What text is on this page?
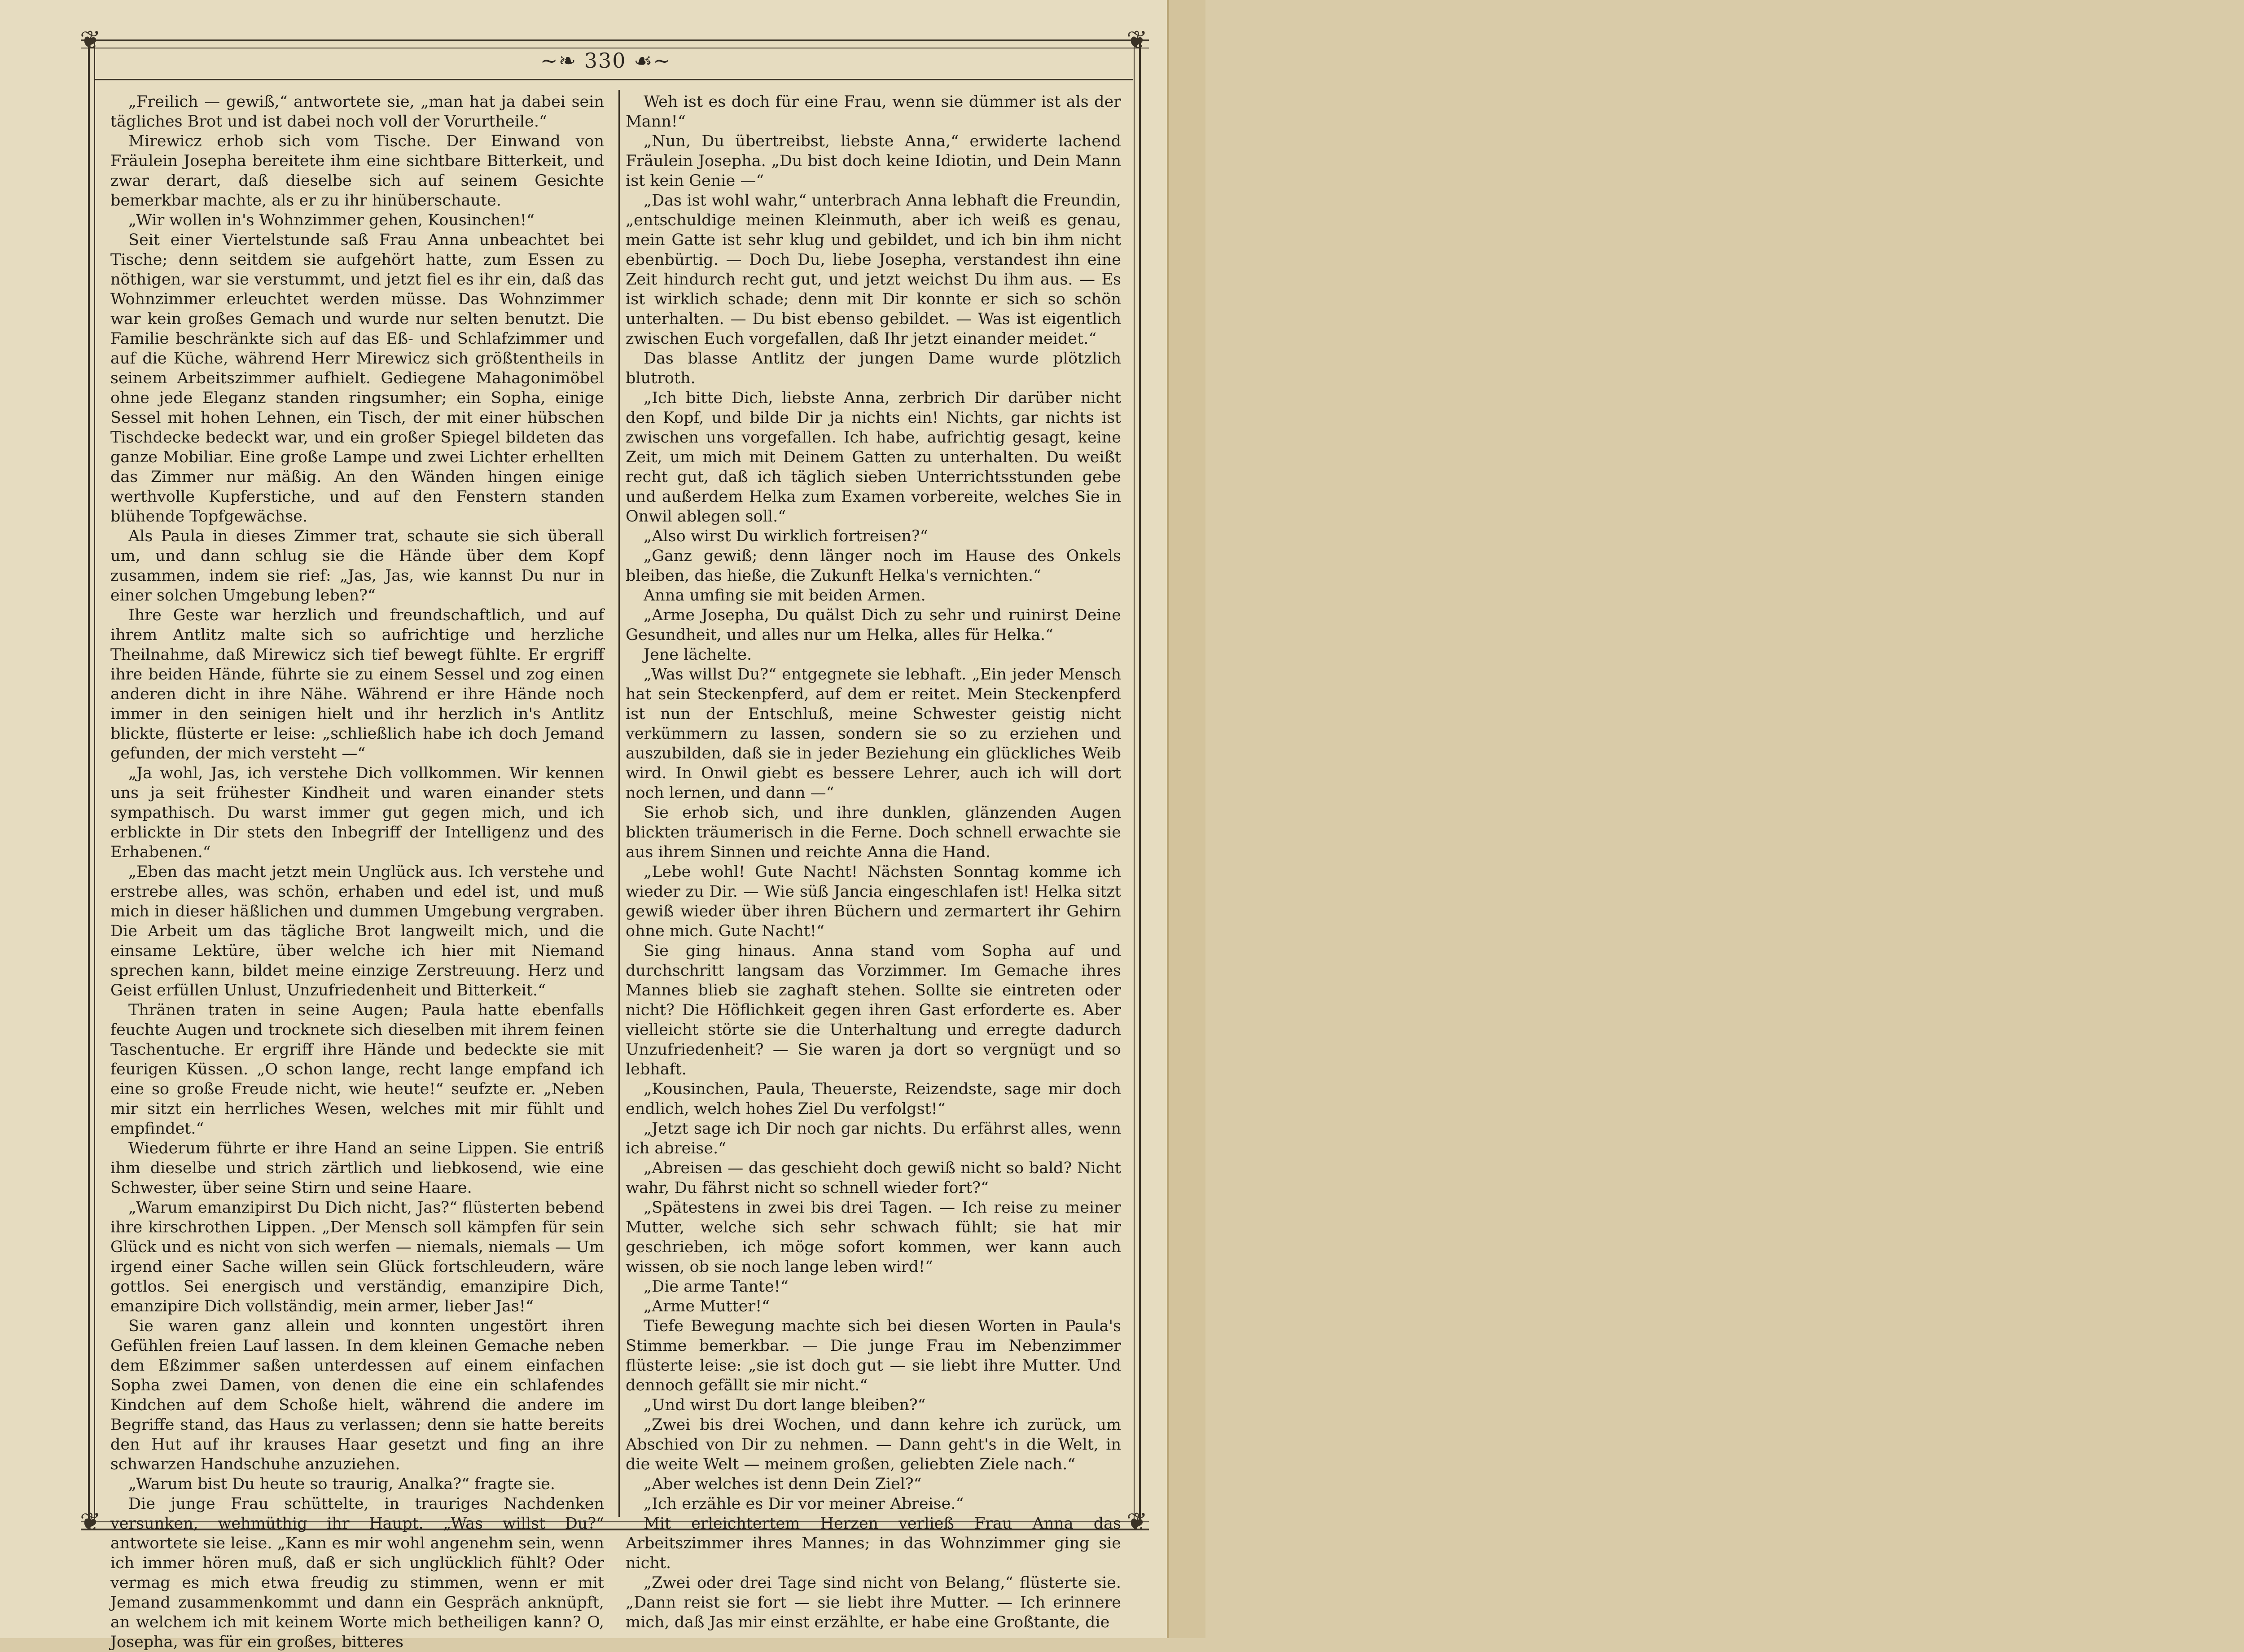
❦	❦
❦	❦
~❧ 330 ☙~

„Freilich — gewiß,“ antwortete sie, „man hat ja dabei sein tägliches Brot und ist dabei noch voll der Vorurtheile.“

Mirewicz erhob sich vom Tische. Der Einwand von Fräulein Josepha bereitete ihm eine sichtbare Bitterkeit, und zwar derart, daß dieselbe sich auf seinem Gesichte bemerkbar machte, als er zu ihr hinüberschaute.

„Wir wollen in's Wohnzimmer gehen, Kousinchen!“

Seit einer Viertelstunde saß Frau Anna unbeachtet bei Tische; denn seitdem sie aufgehört hatte, zum Essen zu nöthigen, war sie verstummt, und jetzt fiel es ihr ein, daß das Wohnzimmer erleuchtet werden müsse. Das Wohnzimmer war kein großes Gemach und wurde nur selten benutzt. Die Familie beschränkte sich auf das Eß- und Schlafzimmer und auf die Küche, während Herr Mirewicz sich größtentheils in seinem Arbeitszimmer aufhielt. Gediegene Mahagonimöbel ohne jede Eleganz standen ringsumher; ein Sopha, einige Sessel mit hohen Lehnen, ein Tisch, der mit einer hübschen Tischdecke bedeckt war, und ein großer Spiegel bildeten das ganze Mobiliar. Eine große Lampe und zwei Lichter erhellten das Zimmer nur mäßig. An den Wänden hingen einige werthvolle Kupferstiche, und auf den Fenstern standen blühende Topfgewächse.

Als Paula in dieses Zimmer trat, schaute sie sich überall um, und dann schlug sie die Hände über dem Kopf zusammen, indem sie rief: „Jas, Jas, wie kannst Du nur in einer solchen Umgebung leben?“

Ihre Geste war herzlich und freundschaftlich, und auf ihrem Antlitz malte sich so aufrichtige und herzliche Theilnahme, daß Mirewicz sich tief bewegt fühlte. Er ergriff ihre beiden Hände, führte sie zu einem Sessel und zog einen anderen dicht in ihre Nähe. Während er ihre Hände noch immer in den seinigen hielt und ihr herzlich in's Antlitz blickte, flüsterte er leise: „schließlich habe ich doch Jemand gefunden, der mich versteht —“

„Ja wohl, Jas, ich verstehe Dich vollkommen. Wir kennen uns ja seit frühester Kindheit und waren einander stets sympathisch. Du warst immer gut gegen mich, und ich erblickte in Dir stets den Inbegriff der Intelligenz und des Erhabenen.“

„Eben das macht jetzt mein Unglück aus. Ich verstehe und erstrebe alles, was schön, erhaben und edel ist, und muß mich in dieser häßlichen und dummen Umgebung vergraben. Die Arbeit um das tägliche Brot langweilt mich, und die einsame Lektüre, über welche ich hier mit Niemand sprechen kann, bildet meine einzige Zerstreuung. Herz und Geist erfüllen Unlust, Unzufriedenheit und Bitterkeit.“

Thränen traten in seine Augen; Paula hatte ebenfalls feuchte Augen und trocknete sich dieselben mit ihrem feinen Taschentuche. Er ergriff ihre Hände und bedeckte sie mit feurigen Küssen. „O schon lange, recht lange empfand ich eine so große Freude nicht, wie heute!“ seufzte er. „Neben mir sitzt ein herrliches Wesen, welches mit mir fühlt und empfindet.“

Wiederum führte er ihre Hand an seine Lippen. Sie entriß ihm dieselbe und strich zärtlich und liebkosend, wie eine Schwester, über seine Stirn und seine Haare.

„Warum emanzipirst Du Dich nicht, Jas?“ flüsterten bebend ihre kirschrothen Lippen. „Der Mensch soll kämpfen für sein Glück und es nicht von sich werfen — niemals, niemals — Um irgend einer Sache willen sein Glück fortschleudern, wäre gottlos. Sei energisch und verständig, emanzipire Dich, emanzipire Dich vollständig, mein armer, lieber Jas!“

Sie waren ganz allein und konnten ungestört ihren Gefühlen freien Lauf lassen. In dem kleinen Gemache neben dem Eßzimmer saßen unterdessen auf einem einfachen Sopha zwei Damen, von denen die eine ein schlafendes Kindchen auf dem Schoße hielt, während die andere im Begriffe stand, das Haus zu verlassen; denn sie hatte bereits den Hut auf ihr krauses Haar gesetzt und fing an ihre schwarzen Handschuhe anzuziehen.

„Warum bist Du heute so traurig, Analka?“ fragte sie.

Die junge Frau schüttelte, in trauriges Nachdenken versunken, wehmüthig ihr Haupt. „Was willst Du?“ antwortete sie leise. „Kann es mir wohl angenehm sein, wenn ich immer hören muß, daß er sich unglücklich fühlt? Oder vermag es mich etwa freudig zu stimmen, wenn er mit Jemand zusammenkommt und dann ein Gespräch anknüpft, an welchem ich mit keinem Worte mich betheiligen kann? O, Josepha, was für ein großes, bitteres

Weh ist es doch für eine Frau, wenn sie dümmer ist als der Mann!“

„Nun, Du übertreibst, liebste Anna,“ erwiderte lachend Fräulein Josepha. „Du bist doch keine Idiotin, und Dein Mann ist kein Genie —“

„Das ist wohl wahr,“ unterbrach Anna lebhaft die Freundin, „entschuldige meinen Kleinmuth, aber ich weiß es genau, mein Gatte ist sehr klug und gebildet, und ich bin ihm nicht ebenbürtig. — Doch Du, liebe Josepha, verstandest ihn eine Zeit hindurch recht gut, und jetzt weichst Du ihm aus. — Es ist wirklich schade; denn mit Dir konnte er sich so schön unterhalten. — Du bist ebenso gebildet. — Was ist eigentlich zwischen Euch vorgefallen, daß Ihr jetzt einander meidet.“

Das blasse Antlitz der jungen Dame wurde plötzlich blutroth.

„Ich bitte Dich, liebste Anna, zerbrich Dir darüber nicht den Kopf, und bilde Dir ja nichts ein! Nichts, gar nichts ist zwischen uns vorgefallen. Ich habe, aufrichtig gesagt, keine Zeit, um mich mit Deinem Gatten zu unterhalten. Du weißt recht gut, daß ich täglich sieben Unterrichtsstunden gebe und außerdem Helka zum Examen vorbereite, welches Sie in Onwil ablegen soll.“

„Also wirst Du wirklich fortreisen?“

„Ganz gewiß; denn länger noch im Hause des Onkels bleiben, das hieße, die Zukunft Helka's vernichten.“

Anna umfing sie mit beiden Armen.

„Arme Josepha, Du quälst Dich zu sehr und ruinirst Deine Gesundheit, und alles nur um Helka, alles für Helka.“

Jene lächelte.

„Was willst Du?“ entgegnete sie lebhaft. „Ein jeder Mensch hat sein Steckenpferd, auf dem er reitet. Mein Steckenpferd ist nun der Entschluß, meine Schwester geistig nicht verkümmern zu lassen, sondern sie so zu erziehen und auszubilden, daß sie in jeder Beziehung ein glückliches Weib wird. In Onwil giebt es bessere Lehrer, auch ich will dort noch lernen, und dann —“

Sie erhob sich, und ihre dunklen, glänzenden Augen blickten träumerisch in die Ferne. Doch schnell erwachte sie aus ihrem Sinnen und reichte Anna die Hand.

„Lebe wohl! Gute Nacht! Nächsten Sonntag komme ich wieder zu Dir. — Wie süß Jancia eingeschlafen ist! Helka sitzt gewiß wieder über ihren Büchern und zermartert ihr Gehirn ohne mich. Gute Nacht!“

Sie ging hinaus. Anna stand vom Sopha auf und durchschritt langsam das Vorzimmer. Im Gemache ihres Mannes blieb sie zaghaft stehen. Sollte sie eintreten oder nicht? Die Höflichkeit gegen ihren Gast erforderte es. Aber vielleicht störte sie die Unterhaltung und erregte dadurch Unzufriedenheit? — Sie waren ja dort so vergnügt und so lebhaft.

„Kousinchen, Paula, Theuerste, Reizendste, sage mir doch endlich, welch hohes Ziel Du verfolgst!“

„Jetzt sage ich Dir noch gar nichts. Du erfährst alles, wenn ich abreise.“

„Abreisen — das geschieht doch gewiß nicht so bald? Nicht wahr, Du fährst nicht so schnell wieder fort?“

„Spätestens in zwei bis drei Tagen. — Ich reise zu meiner Mutter, welche sich sehr schwach fühlt; sie hat mir geschrieben, ich möge sofort kommen, wer kann auch wissen, ob sie noch lange leben wird!“

„Die arme Tante!“

„Arme Mutter!“

Tiefe Bewegung machte sich bei diesen Worten in Paula's Stimme bemerkbar. — Die junge Frau im Nebenzimmer flüsterte leise: „sie ist doch gut — sie liebt ihre Mutter. Und dennoch gefällt sie mir nicht.“

„Und wirst Du dort lange bleiben?“

„Zwei bis drei Wochen, und dann kehre ich zurück, um Abschied von Dir zu nehmen. — Dann geht's in die Welt, in die weite Welt — meinem großen, geliebten Ziele nach.“

„Aber welches ist denn Dein Ziel?“

„Ich erzähle es Dir vor meiner Abreise.“

Mit erleichtertem Herzen verließ Frau Anna das Arbeitszimmer ihres Mannes; in das Wohnzimmer ging sie nicht.

„Zwei oder drei Tage sind nicht von Belang,“ flüsterte sie. „Dann reist sie fort — sie liebt ihre Mutter. — Ich erinnere mich, daß Jas mir einst erzählte, er habe eine Großtante, die
